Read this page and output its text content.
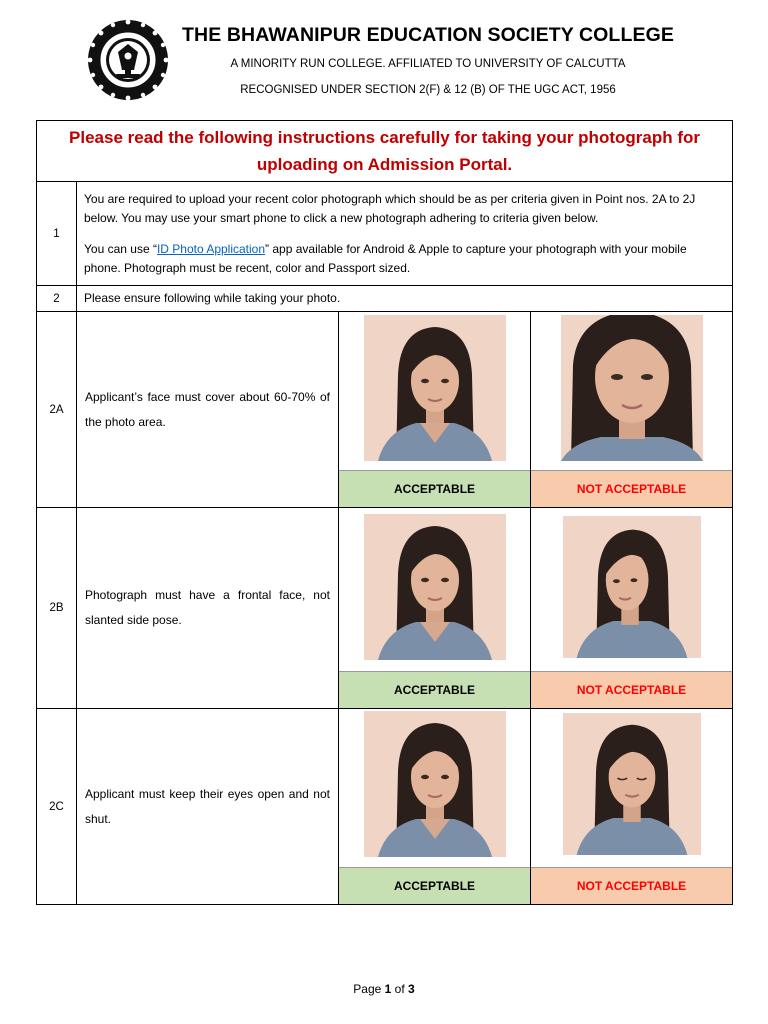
THE BHAWANIPUR EDUCATION SOCIETY COLLEGE
A MINORITY RUN COLLEGE. AFFILIATED TO UNIVERSITY OF CALCUTTA
RECOGNISED UNDER SECTION 2(F) & 12 (B) OF THE UGC ACT, 1956
Please read the following instructions carefully for taking your photograph for uploading on Admission Portal.			
1	You are required to upload your recent color photograph which should be as per criteria given in Point nos. 2A to 2J below. You may use your smart phone to click a new photograph adhering to criteria given below.
You can use “ID Photo Application” app available for Android & Apple to capture your photograph with your mobile phone. Photograph must be recent, color and Passport sized.		

2	Please ensure following while taking your photo.		
2A	Applicant’s face must cover about 60-70% of the photo area.	ACCEPTABLE	NOT ACCEPTABLE

2B	Photograph must have a frontal face, not slanted side pose.	ACCEPTABLE	NOT ACCEPTABLE

2C	Applicant must keep their eyes open and not shut.	ACCEPTABLE	NOT ACCEPTABLE
Page 1 of 3
